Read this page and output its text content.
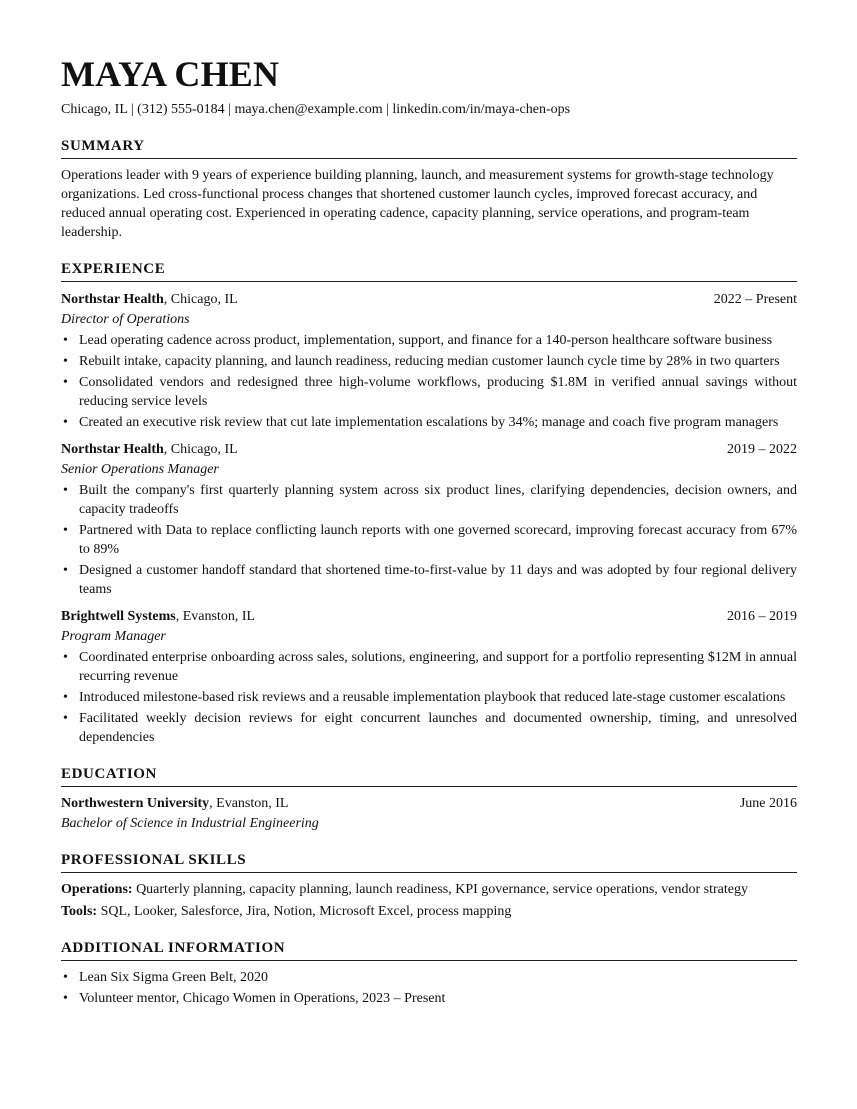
MAYA CHEN
Chicago, IL | (312) 555-0184 | maya.chen@example.com | linkedin.com/in/maya-chen-ops
SUMMARY

Operations leader with 9 years of experience building planning, launch, and measurement systems for growth-stage technology organizations. Led cross-functional process changes that shortened customer launch cycles, improved forecast accuracy, and reduced annual operating cost. Experienced in operating cadence, capacity planning, service operations, and program-team leadership.

EXPERIENCE
Northstar Health, Chicago, IL	2022 – Present
Director of Operations
• Lead operating cadence across product, implementation, support, and finance for a 140-person healthcare software business
• Rebuilt intake, capacity planning, and launch readiness, reducing median customer launch cycle time by 28% in two quarters
• Consolidated vendors and redesigned three high-volume workflows, producing $1.8M in verified annual savings without reducing service levels
• Created an executive risk review that cut late implementation escalations by 34%; manage and coach five program managers
Northstar Health, Chicago, IL	2019 – 2022
Senior Operations Manager
• Built the company's first quarterly planning system across six product lines, clarifying dependencies, decision owners, and capacity tradeoffs
• Partnered with Data to replace conflicting launch reports with one governed scorecard, improving forecast accuracy from 67% to 89%
• Designed a customer handoff standard that shortened time-to-first-value by 11 days and was adopted by four regional delivery teams
Brightwell Systems, Evanston, IL	2016 – 2019
Program Manager
• Coordinated enterprise onboarding across sales, solutions, engineering, and support for a portfolio representing $12M in annual recurring revenue
• Introduced milestone-based risk reviews and a reusable implementation playbook that reduced late-stage customer escalations
• Facilitated weekly decision reviews for eight concurrent launches and documented ownership, timing, and unresolved dependencies
EDUCATION
Northwestern University, Evanston, IL	June 2016
Bachelor of Science in Industrial Engineering
PROFESSIONAL SKILLS
Operations: Quarterly planning, capacity planning, launch readiness, KPI governance, service operations, vendor strategy
Tools: SQL, Looker, Salesforce, Jira, Notion, Microsoft Excel, process mapping
ADDITIONAL INFORMATION
• Lean Six Sigma Green Belt, 2020
• Volunteer mentor, Chicago Women in Operations, 2023 – Present
